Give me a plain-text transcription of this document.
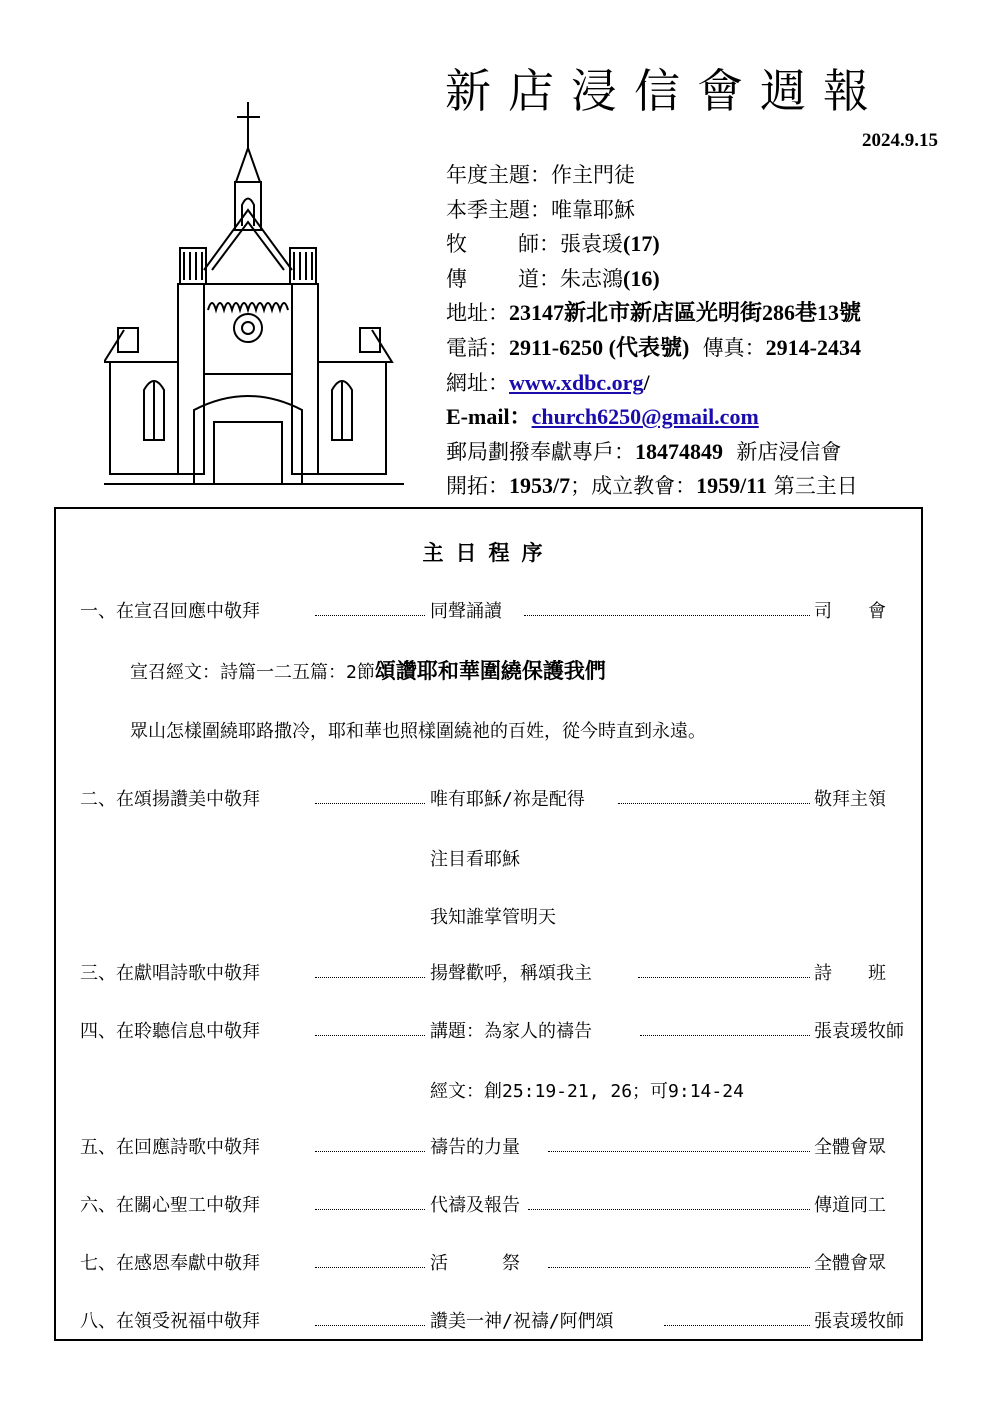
新店浸信會週報
2024.9.15
年度主題：作主門徒
本季主題：唯靠耶穌
牧 師：張袁瑗(17)
傳 道：朱志鴻(16)
地址：23147新北市新店區光明街286巷13號
電話：2911-6250 (代表號) 傳真：2914-2434
網址：www.xdbc.org/
E-mail：church6250@gmail.com
郵局劃撥奉獻專戶：18474849 新店浸信會
開拓：1953/7；成立教會：1959/11 第三主日
主日程序
一、在宣召回應中敬拜	同聲誦讀	司　　會
宣召經文：詩篇一二五篇：2節頌讚耶和華圍繞保護我們
眾山怎樣圍繞耶路撒冷，耶和華也照樣圍繞祂的百姓，從今時直到永遠。
二、在頌揚讚美中敬拜	唯有耶穌/祢是配得	敬拜主領
注目看耶穌
我知誰掌管明天
三、在獻唱詩歌中敬拜	揚聲歡呼，稱頌我主	詩　　班
四、在聆聽信息中敬拜	講題：為家人的禱告	張袁瑗牧師
經文：創25:19-21, 26；可9:14-24
五、在回應詩歌中敬拜	禱告的力量	全體會眾
六、在關心聖工中敬拜	代禱及報告	傳道同工
七、在感恩奉獻中敬拜	活　　　祭	全體會眾
八、在領受祝福中敬拜	讚美一神/祝禱/阿們頌	張袁瑗牧師
